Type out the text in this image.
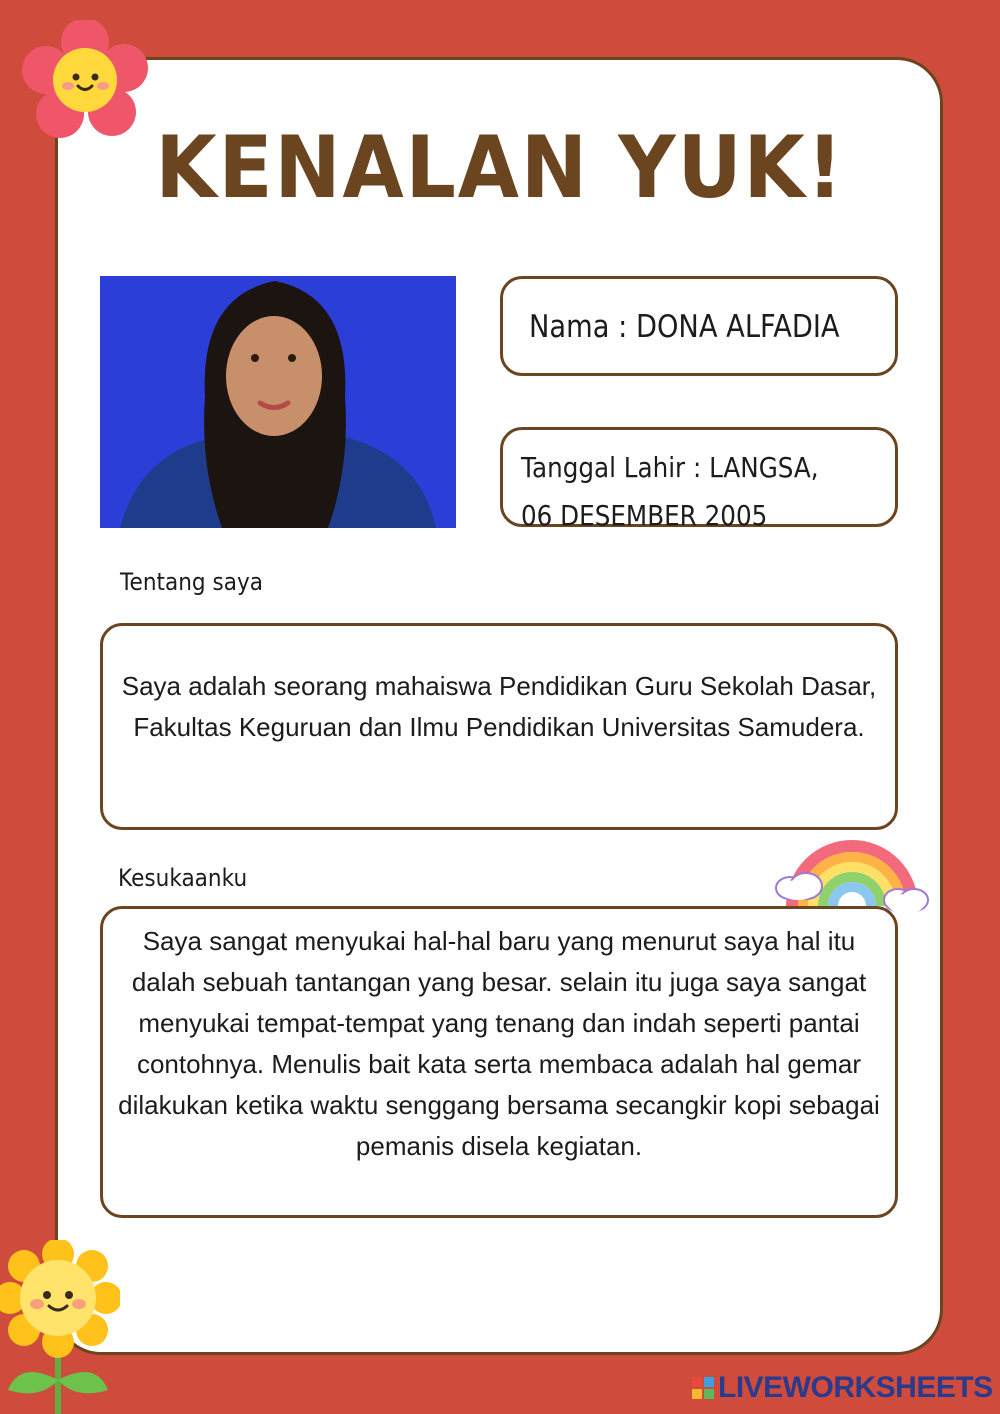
KENALAN YUK!
Nama : DONA ALFADIA
Tanggal Lahir : LANGSA,
06 DESEMBER 2005
Tentang saya
Saya adalah seorang mahaiswa Pendidikan Guru Sekolah Dasar, Fakultas Keguruan dan Ilmu Pendidikan Universitas Samudera.
Kesukaanku
Saya sangat menyukai hal-hal baru yang menurut saya hal itu dalah sebuah tantangan yang besar. selain itu juga saya sangat menyukai tempat-tempat yang tenang dan indah seperti pantai contohnya. Menulis bait kata serta membaca adalah hal gemar dilakukan ketika waktu senggang bersama secangkir kopi sebagai pemanis disela kegiatan.
LIVEWORKSHEETS
